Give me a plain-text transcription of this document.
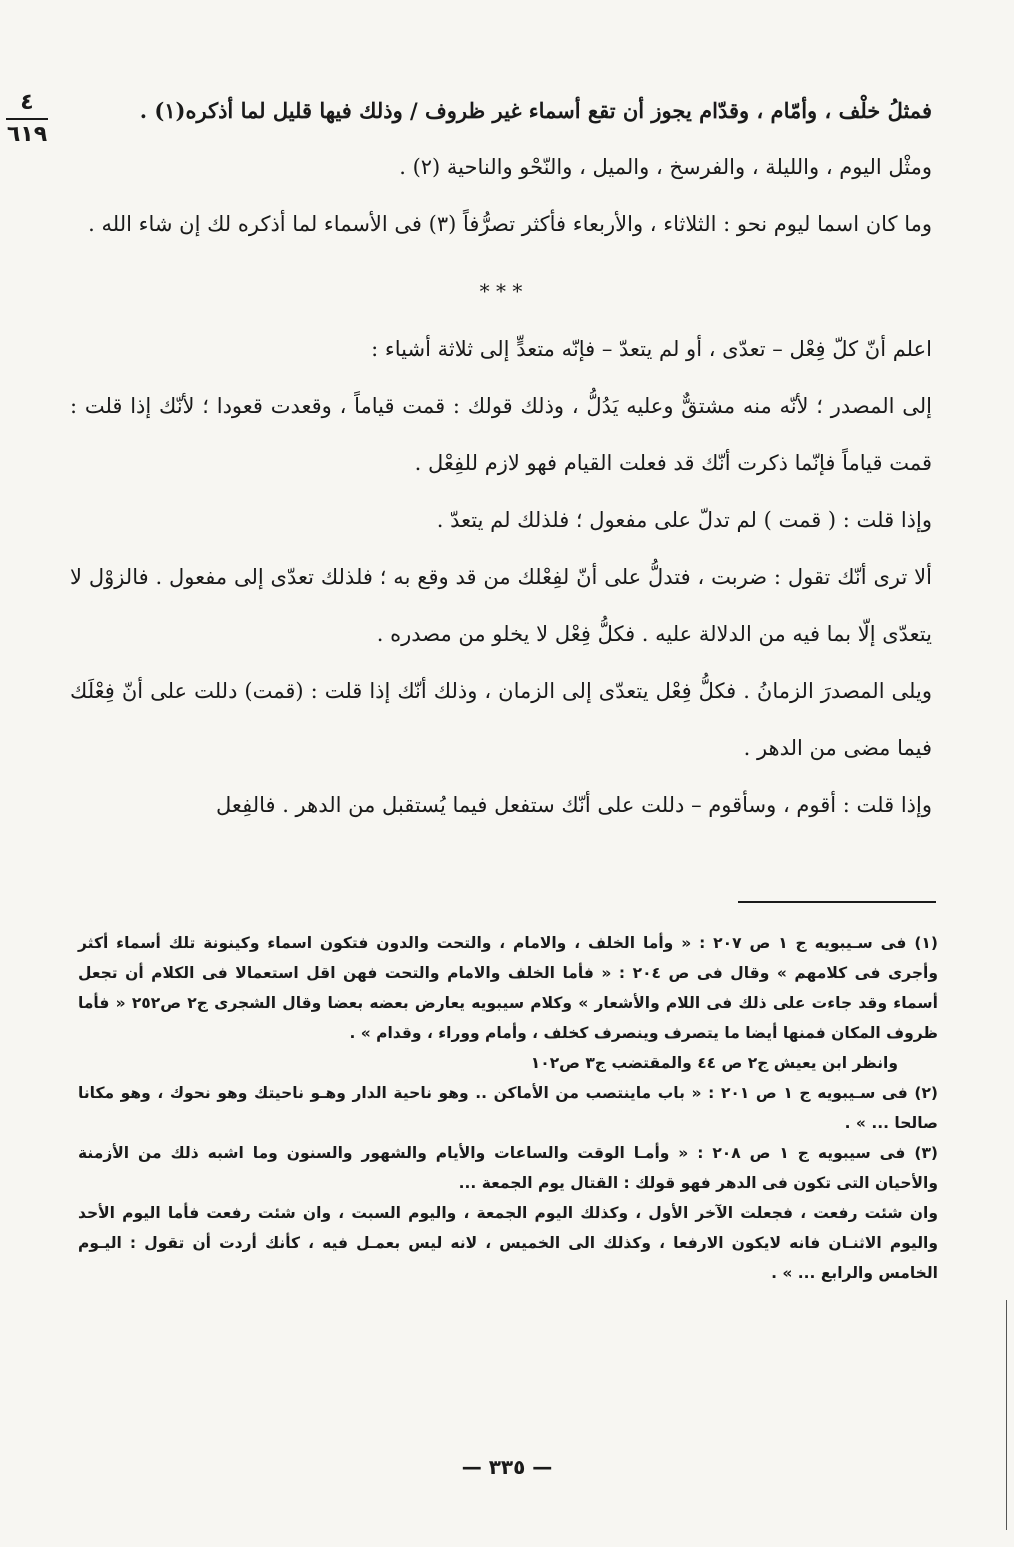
٤
٦١٩

فمثلُ خلْف ، وأمّام ، وقدّام يجوز أن تقع أسماء غير ظروف / وذلك فيها قليل لما أذكره(١) .

ومثْل اليوم ، والليلة ، والفرسخ ، والميل ، والنّحْو والناحية (٢) .

وما كان اسما ليوم نحو : الثلاثاء ، والأربعاء فأكثر تصرُّفاً (٣) فى الأسماء لما أذكره لك إن شاء الله .

* * *

اعلم أنّ كلّ فِعْل – تعدّى ، أو لم يتعدّ – فإنّه متعدٍّ إلى ثلاثة أشياء :

إلى المصدر ؛ لأنّه منه مشتقٌّ وعليه يَدُلُّ ، وذلك قولك : قمت قياماً ، وقعدت قعودا ؛ لأنّك إذا قلت : قمت قياماً فإنّما ذكرت أنّك قد فعلت القيام فهو لازم للفِعْل .

وإذا قلت : ( قمت ) لم تدلّ على مفعول ؛ فلذلك لم يتعدّ .

ألا ترى أنّك تقول : ضربت ، فتدلُّ على أنّ لفِعْلك من قد وقع به ؛ فلذلك تعدّى إلى مفعول . فالزوْل لا يتعدّى إلّا بما فيه من الدلالة عليه . فكلُّ فِعْل لا يخلو من مصدره .

ويلى المصدرَ الزمانُ . فكلُّ فِعْل يتعدّى إلى الزمان ، وذلك أنّك إذا قلت : (قمت) دللت على أنّ فِعْلَك فيما مضى من الدهر .

وإذا قلت : أقوم ، وسأقوم – دللت على أنّك ستفعل فيما يُستقبل من الدهر . فالفِعل

(١) فى سـيبويه ج ١ ص ٢٠٧ : « وأما الخلف ، والامام ، والتحت والدون فتكون اسماء وكينونة تلك أسماء أكثر وأجرى فى كلامهم » وقال فى ص ٢٠٤ : « فأما الخلف والامام والتحت فهن اقل استعمالا فى الكلام أن تجعل أسماء وقد جاءت على ذلك فى اللام والأشعار » وكلام سيبويه يعارض بعضه بعضا وقال الشجرى ج٢ ص٢٥٢ « فأما ظروف المكان فمنها أيضا ما يتصرف وينصرف كخلف ، وأمام ووراء ، وقدام » .

وانظر ابن يعيش ج٢ ص ٤٤ والمقتضب ج٣ ص١٠٢

(٢) فى سـيبويه ج ١ ص ٢٠١ : « باب ماينتصب من الأماكن .. وهو ناحية الدار وهـو ناحيتك وهو نحوك ، وهو مكانا صالحا ... » .

(٣) فى سيبويه ج ١ ص ٢٠٨ : « وأمـا الوقت والساعات والأيام والشهور والسنون وما اشبه ذلك من الأزمنة والأحيان التى تكون فى الدهر فهو قولك : القتال يوم الجمعة ...

وان شئت رفعت ، فجعلت الآخر الأول ، وكذلك اليوم الجمعة ، واليوم السبت ، وان شئت رفعت فأما اليوم الأحد واليوم الاثنـان فانه لايكون الارفعا ، وكذلك الى الخميس ، لانه ليس بعمـل فيه ، كأنك أردت أن تقول : اليـوم الخامس والرابع ... » .

— ٣٣٥ —
